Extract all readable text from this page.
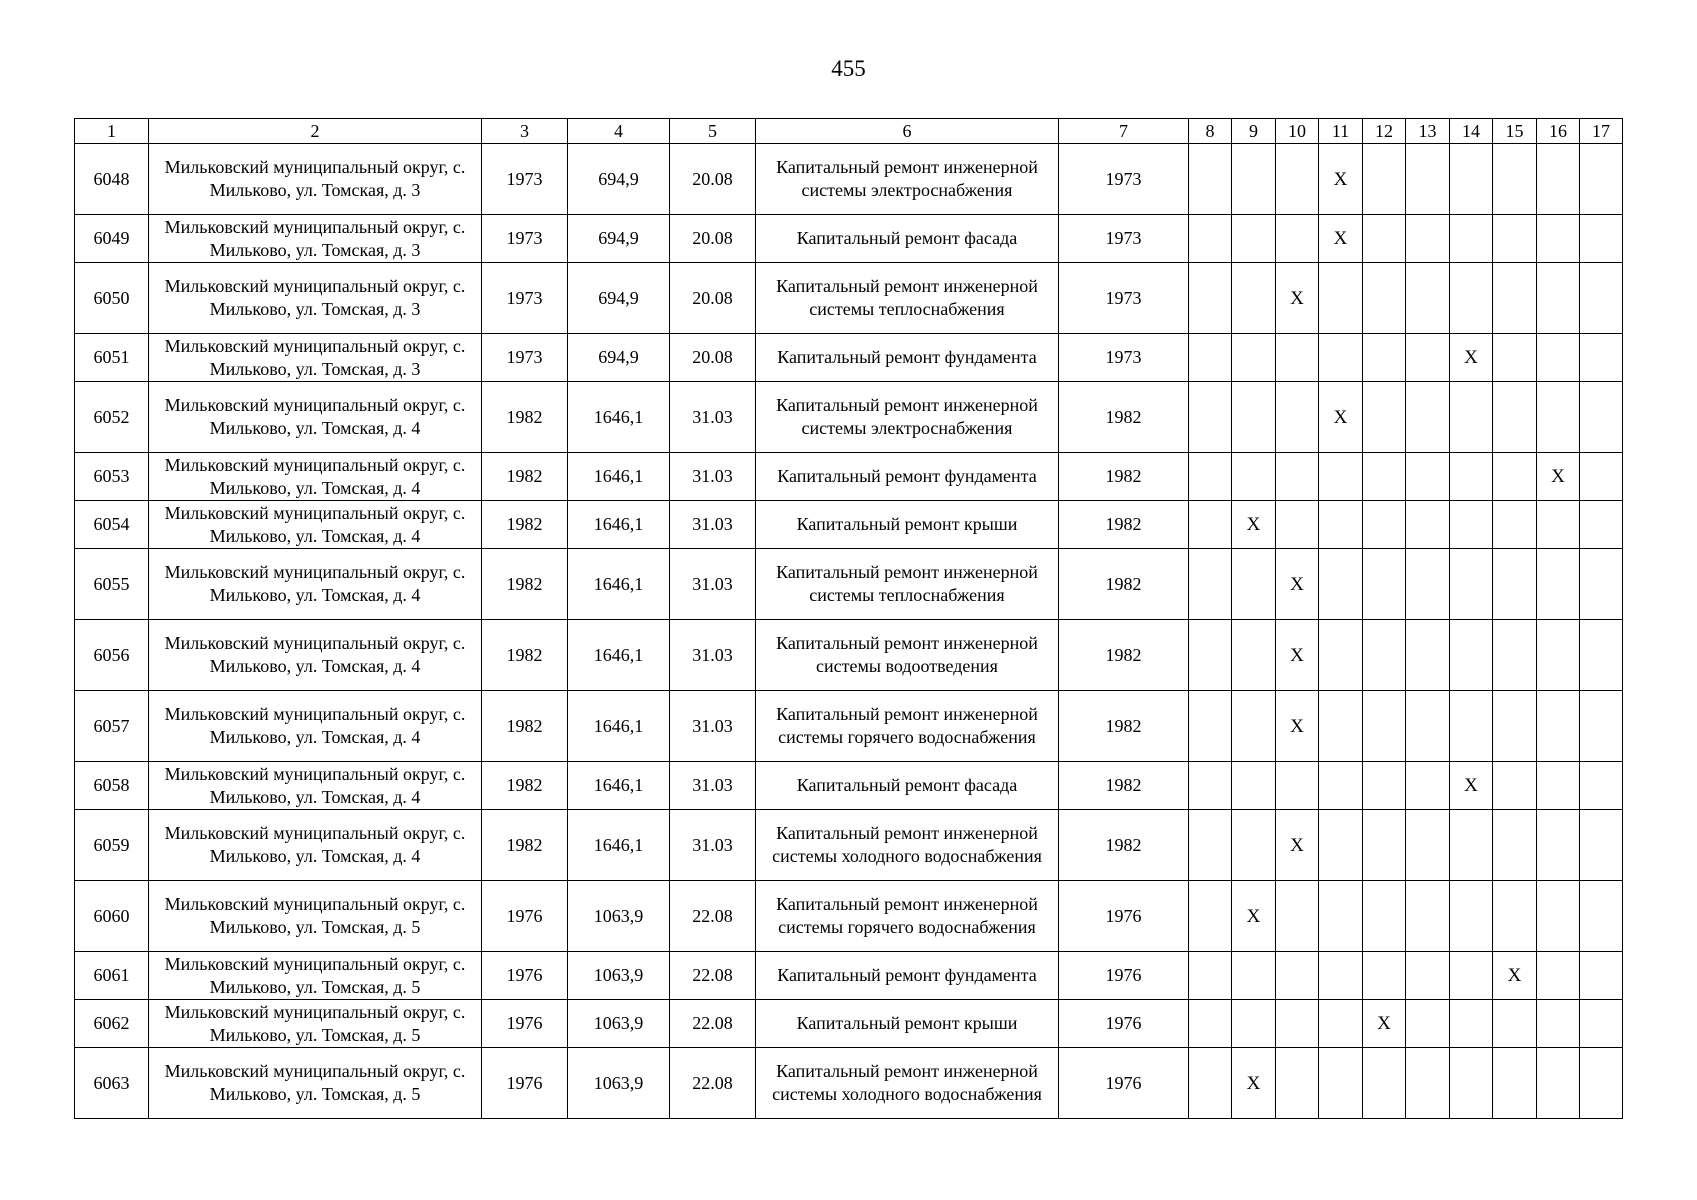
455
1	2	3	4	5	6	7	8	9	10	11	12	13	14	15	16	17
6048	Мильковский муниципальный округ, с. Мильково, ул. Томская, д. 3	1973	694,9	20.08	Капитальный ремонт инженерной системы электроснабжения	1973				X						
6049	Мильковский муниципальный округ, с. Мильково, ул. Томская, д. 3	1973	694,9	20.08	Капитальный ремонт фасада	1973				X						
6050	Мильковский муниципальный округ, с. Мильково, ул. Томская, д. 3	1973	694,9	20.08	Капитальный ремонт инженерной системы теплоснабжения	1973			X							
6051	Мильковский муниципальный округ, с. Мильково, ул. Томская, д. 3	1973	694,9	20.08	Капитальный ремонт фундамента	1973							X			
6052	Мильковский муниципальный округ, с. Мильково, ул. Томская, д. 4	1982	1646,1	31.03	Капитальный ремонт инженерной системы электроснабжения	1982				X						
6053	Мильковский муниципальный округ, с. Мильково, ул. Томская, д. 4	1982	1646,1	31.03	Капитальный ремонт фундамента	1982									X	
6054	Мильковский муниципальный округ, с. Мильково, ул. Томская, д. 4	1982	1646,1	31.03	Капитальный ремонт крыши	1982		X								
6055	Мильковский муниципальный округ, с. Мильково, ул. Томская, д. 4	1982	1646,1	31.03	Капитальный ремонт инженерной системы теплоснабжения	1982			X							
6056	Мильковский муниципальный округ, с. Мильково, ул. Томская, д. 4	1982	1646,1	31.03	Капитальный ремонт инженерной системы водоотведения	1982			X							
6057	Мильковский муниципальный округ, с. Мильково, ул. Томская, д. 4	1982	1646,1	31.03	Капитальный ремонт инженерной системы горячего водоснабжения	1982			X							
6058	Мильковский муниципальный округ, с. Мильково, ул. Томская, д. 4	1982	1646,1	31.03	Капитальный ремонт фасада	1982							X			
6059	Мильковский муниципальный округ, с. Мильково, ул. Томская, д. 4	1982	1646,1	31.03	Капитальный ремонт инженерной системы холодного водоснабжения	1982			X							
6060	Мильковский муниципальный округ, с. Мильково, ул. Томская, д. 5	1976	1063,9	22.08	Капитальный ремонт инженерной системы горячего водоснабжения	1976		X								
6061	Мильковский муниципальный округ, с. Мильково, ул. Томская, д. 5	1976	1063,9	22.08	Капитальный ремонт фундамента	1976								X		
6062	Мильковский муниципальный округ, с. Мильково, ул. Томская, д. 5	1976	1063,9	22.08	Капитальный ремонт крыши	1976					X					
6063	Мильковский муниципальный округ, с. Мильково, ул. Томская, д. 5	1976	1063,9	22.08	Капитальный ремонт инженерной системы холодного водоснабжения	1976		X								
